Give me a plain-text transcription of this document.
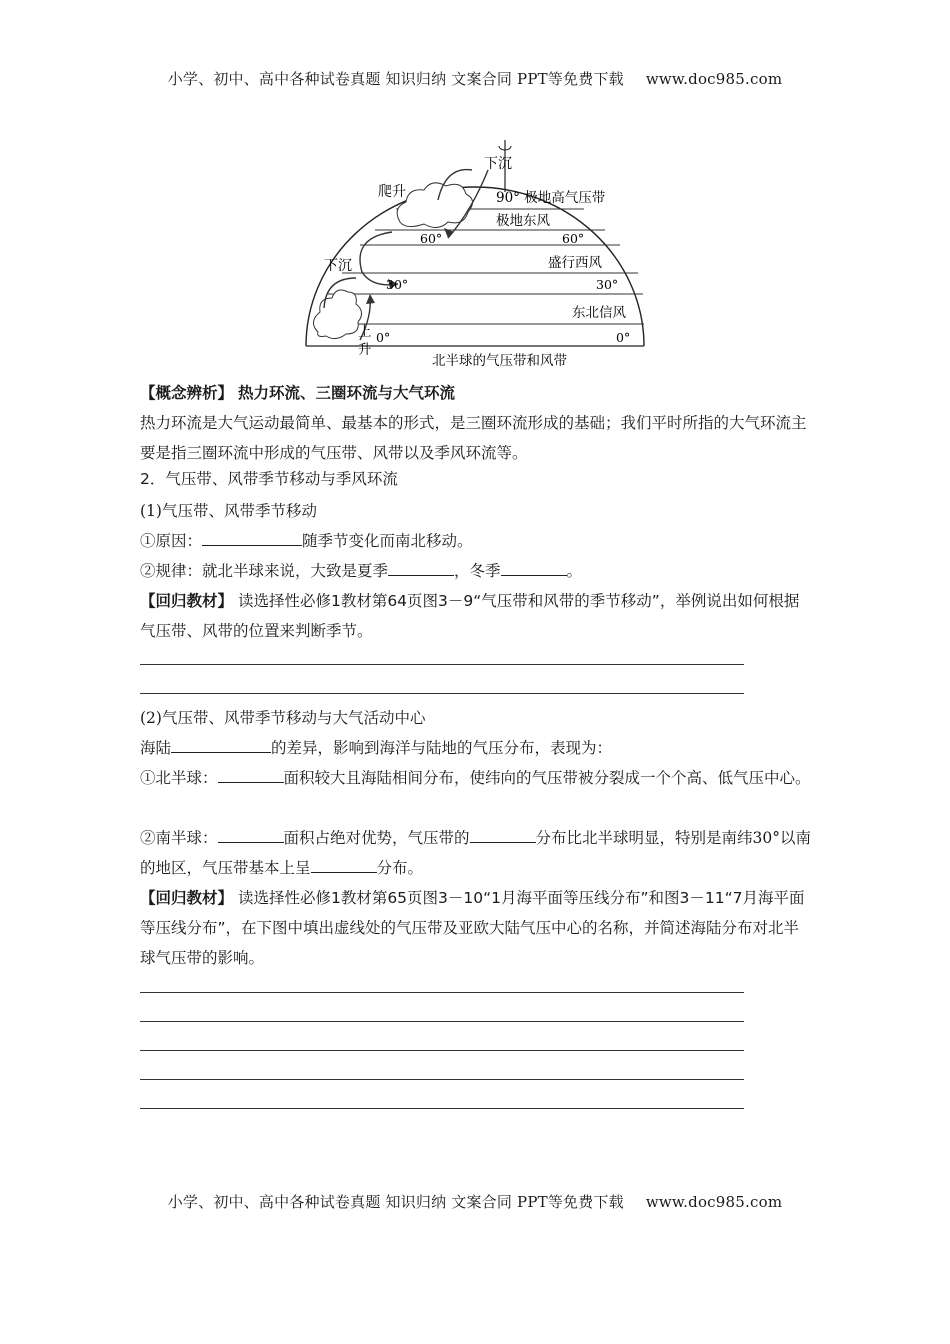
小学、初中、高中各种试卷真题 知识归纳 文案合同 PPT等免费下载 www.doc985.com
下沉
爬升	90° 极地高气压带
极地东风
60°	60°
盛行西风
下沉
30°	30°
东北信风
上 0°	0°
升
北半球的气压带和风带

【概念辨析】 热力环流、三圈环流与大气环流

热力环流是大气运动最简单、最基本的形式，是三圈环流形成的基础；我们平时所指的大气环流主要是指三圈环流中形成的气压带、风带以及季风环流等。

2．气压带、风带季节移动与季风环流

(1)气压带、风带季节移动

①原因：	随季节变化而南北移动。

②规律：就北半球来说，大致是夏季	，冬季	。

【回归教材】 读选择性必修1教材第64页图3－9“气压带和风带的季节移动”，举例说出如何根据气压带、风带的位置来判断季节。

(2)气压带、风带季节移动与大气活动中心

海陆	的差异，影响到海洋与陆地的气压分布，表现为：

①北半球：	面积较大且海陆相间分布，使纬向的气压带被分裂成一个个高、低气压中心。

②南半球：	面积占绝对优势，气压带的	分布比北半球明显，特别是南纬30°以南的地区，气压带基本上呈	分布。

【回归教材】 读选择性必修1教材第65页图3－10“1月海平面等压线分布”和图3－11“7月海平面等压线分布”，在下图中填出虚线处的气压带及亚欧大陆气压中心的名称，并简述海陆分布对北半球气压带的影响。

小学、初中、高中各种试卷真题 知识归纳 文案合同 PPT等免费下载 www.doc985.com
